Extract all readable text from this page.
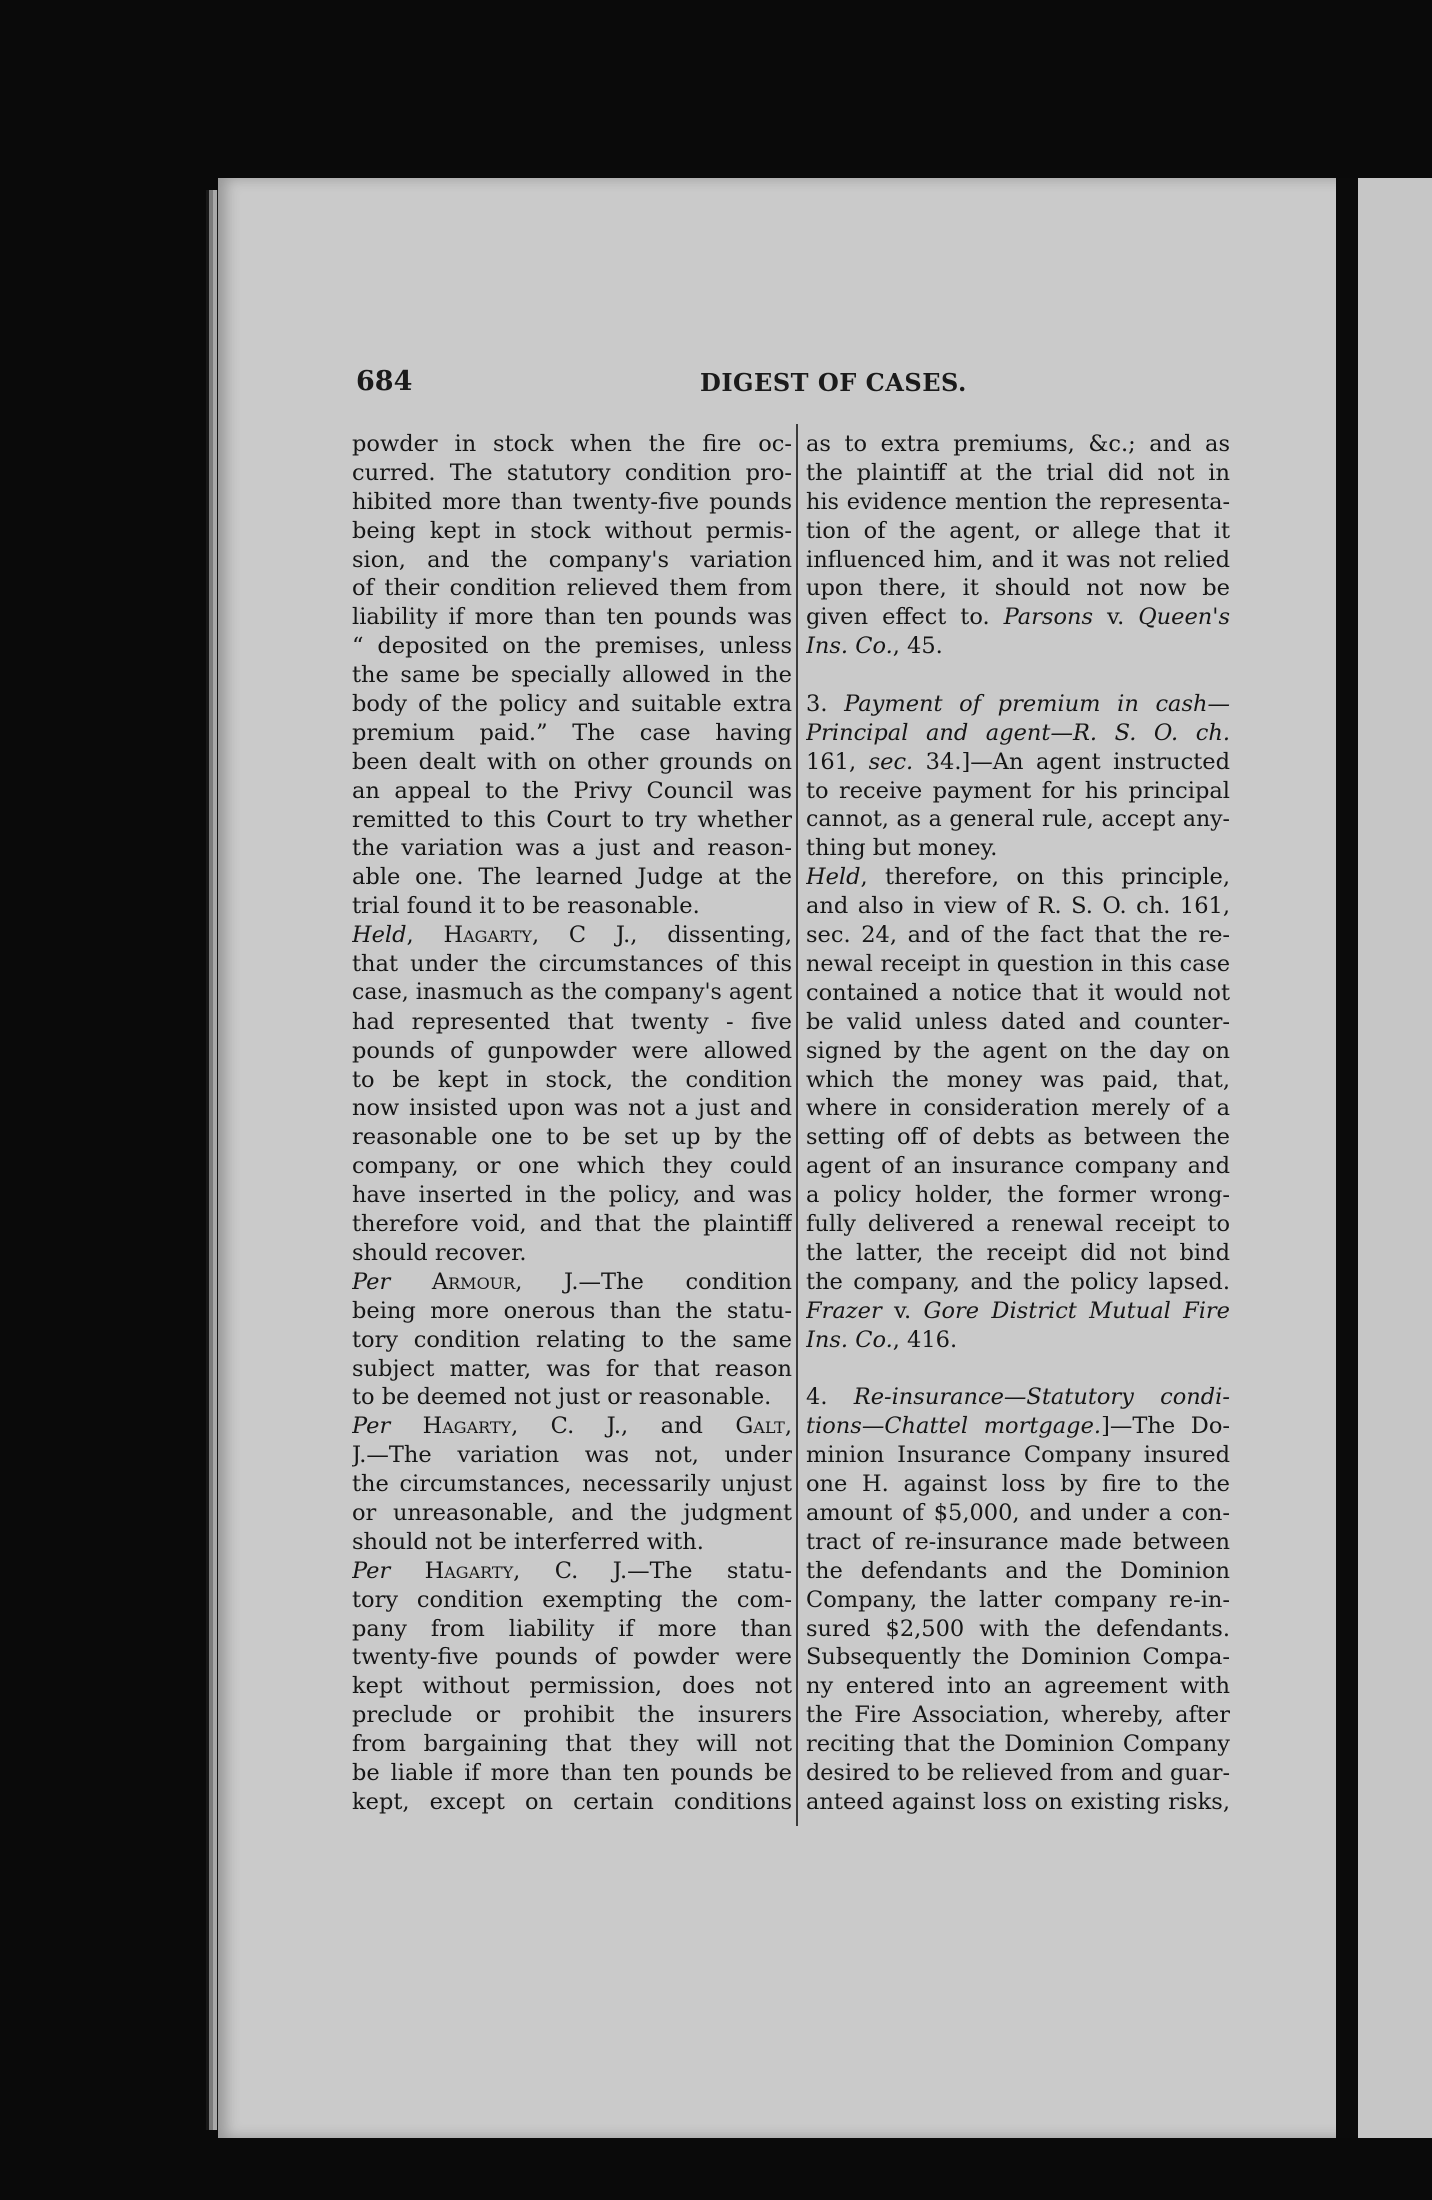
684	DIGEST OF CASES.
powder in stock when the fire oc-
curred. The statutory condition pro-
hibited more than twenty-five pounds
being kept in stock without permis-
sion, and the company's variation
of their condition relieved them from
liability if more than ten pounds was
“ deposited on the premises, unless
the same be specially allowed in the
body of the policy and suitable extra
premium paid.” The case having
been dealt with on other grounds on
an appeal to the Privy Council was
remitted to this Court to try whether
the variation was a just and reason-
able one. The learned Judge at the
trial found it to be reasonable.
Held, Hagarty, C J., dissenting,
that under the circumstances of this
case, inasmuch as the company's agent
had represented that twenty - five
pounds of gunpowder were allowed
to be kept in stock, the condition
now insisted upon was not a just and
reasonable one to be set up by the
company, or one which they could
have inserted in the policy, and was
therefore void, and that the plaintiff
should recover.
Per Armour, J.—The condition
being more onerous than the statu-
tory condition relating to the same
subject matter, was for that reason
to be deemed not just or reasonable.
Per Hagarty, C. J., and Galt,
J.—The variation was not, under
the circumstances, necessarily unjust
or unreasonable, and the judgment
should not be interferred with.
Per Hagarty, C. J.—The statu-
tory condition exempting the com-
pany from liability if more than
twenty-five pounds of powder were
kept without permission, does not
preclude or prohibit the insurers
from bargaining that they will not
be liable if more than ten pounds be
kept, except on certain conditions
as to extra premiums, &c.; and as
the plaintiff at the trial did not in
his evidence mention the representa-
tion of the agent, or allege that it
influenced him, and it was not relied
upon there, it should not now be
given effect to. Parsons v. Queen's
Ins. Co., 45.
3. Payment of premium in cash—
Principal and agent—R. S. O. ch.
161, sec. 34.]—An agent instructed
to receive payment for his principal
cannot, as a general rule, accept any-
thing but money.
Held, therefore, on this principle,
and also in view of R. S. O. ch. 161,
sec. 24, and of the fact that the re-
newal receipt in question in this case
contained a notice that it would not
be valid unless dated and counter-
signed by the agent on the day on
which the money was paid, that,
where in consideration merely of a
setting off of debts as between the
agent of an insurance company and
a policy holder, the former wrong-
fully delivered a renewal receipt to
the latter, the receipt did not bind
the company, and the policy lapsed.
Frazer v. Gore District Mutual Fire
Ins. Co., 416.
4. Re-insurance—Statutory condi-
tions—Chattel mortgage.]—The Do-
minion Insurance Company insured
one H. against loss by fire to the
amount of $5,000, and under a con-
tract of re-insurance made between
the defendants and the Dominion
Company, the latter company re-in-
sured $2,500 with the defendants.
Subsequently the Dominion Compa-
ny entered into an agreement with
the Fire Association, whereby, after
reciting that the Dominion Company
desired to be relieved from and guar-
anteed against loss on existing risks,
